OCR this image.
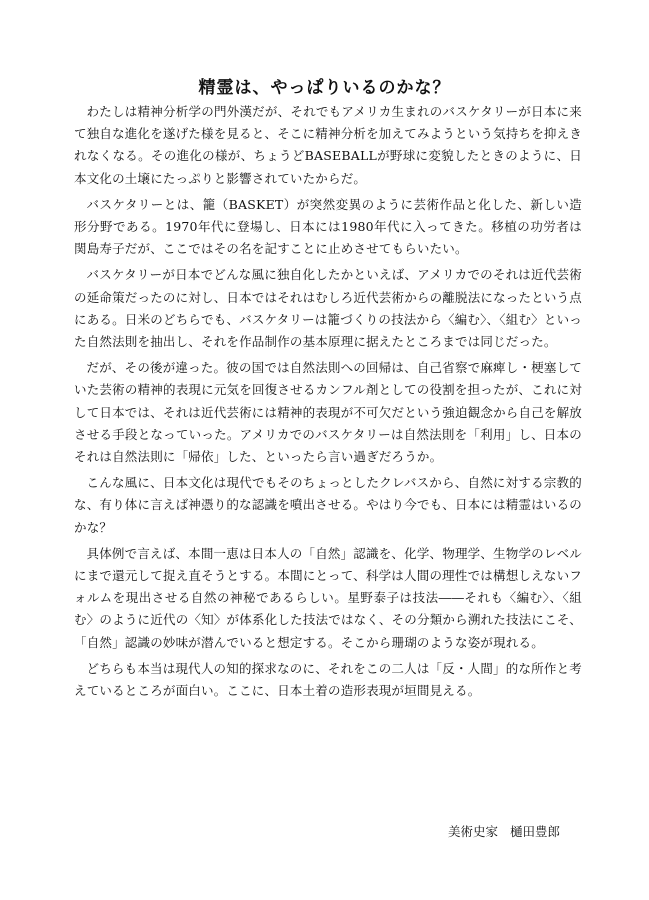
精霊は、やっぱりいるのかな？

わたしは精神分析学の門外漢だが、それでもアメリカ生まれのバスケタリーが日本に来て独自な進化を遂げた様を見ると、そこに精神分析を加えてみようという気持ちを抑えきれなくなる。その進化の様が、ちょうどBASEBALLが野球に変貌したときのように、日本文化の土壌にたっぷりと影響されていたからだ。

バスケタリーとは、籠（BASKET）が突然変異のように芸術作品と化した、新しい造形分野である。1970年代に登場し、日本には1980年代に入ってきた。移植の功労者は関島寿子だが、ここではその名を記すことに止めさせてもらいたい。

バスケタリーが日本でどんな風に独自化したかといえば、アメリカでのそれは近代芸術の延命策だったのに対し、日本ではそれはむしろ近代芸術からの離脱法になったという点にある。日米のどちらでも、バスケタリーは籠づくりの技法から〈編む〉、〈組む〉といった自然法則を抽出し、それを作品制作の基本原理に据えたところまでは同じだった。

だが、その後が違った。彼の国では自然法則への回帰は、自己省察で麻痺し・梗塞していた芸術の精神的表現に元気を回復させるカンフル剤としての役割を担ったが、これに対して日本では、それは近代芸術には精神的表現が不可欠だという強迫観念から自己を解放させる手段となっていった。アメリカでのバスケタリーは自然法則を「利用」し、日本のそれは自然法則に「帰依」した、といったら言い過ぎだろうか。

こんな風に、日本文化は現代でもそのちょっとしたクレバスから、自然に対する宗教的な、有り体に言えば神憑り的な認識を噴出させる。やはり今でも、日本には精霊はいるのかな？

具体例で言えば、本間一恵は日本人の「自然」認識を、化学、物理学、生物学のレベルにまで還元して捉え直そうとする。本間にとって、科学は人間の理性では構想しえないフォルムを現出させる自然の神秘であるらしい。星野泰子は技法――それも〈編む〉、〈組む〉のように近代の〈知〉が体系化した技法ではなく、その分類から溯れた技法にこそ、「自然」認識の妙味が潜んでいると想定する。そこから珊瑚のような姿が現れる。

どちらも本当は現代人の知的探求なのに、それをこの二人は「反・人間」的な所作と考えているところが面白い。ここに、日本土着の造形表現が垣間見える。

美術史家 樋田豊郎
